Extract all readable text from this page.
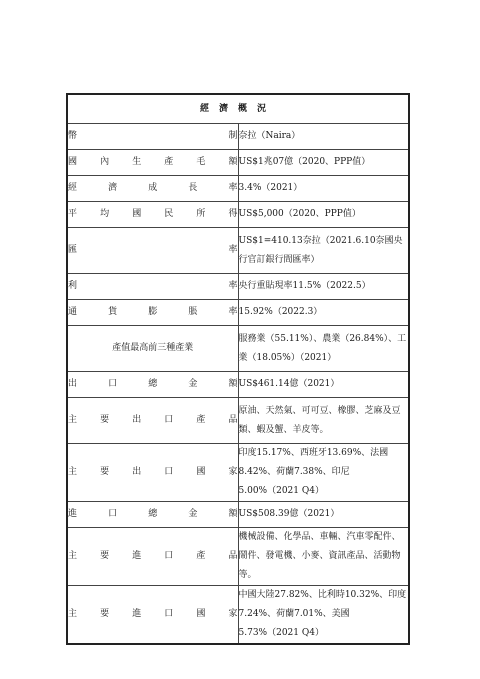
經濟概況	

幣制	奈拉（Naira）

國內生產毛額	US$1兆07億（2020、PPP值）

經濟成長率	3.4%（2021）

平均國民所得	US$5,000（2020、PPP值）

匯率	US$1=410.13奈拉（2021.6.10奈國央行官訂銀行間匯率）

利率	央行重貼現率11.5%（2022.5）

通貨膨脹率	15.92%（2022.3）

產值最高前三種產業	服務業（55.11%）、農業（26.84%）、工業（18.05%）（2021）

出口總金額	US$461.14億（2021）

主要出口產品	原油、天然氣、可可豆、橡膠、芝麻及豆類、蝦及蟹、羊皮等。

主要出口國家	印度15.17%、西班牙13.69%、法國8.42%、荷蘭7.38%、印尼5.00%（2021 Q4）

進口總金額	US$508.39億（2021）

主要進口產品	機械設備、化學品、車輛、汽車零配件、鬧件、發電機、小麥、資訊產品、活動物等。

主要進口國家	中國大陸27.82%、比利時10.32%、印度7.24%、荷蘭7.01%、美國5.73%（2021 Q4）
